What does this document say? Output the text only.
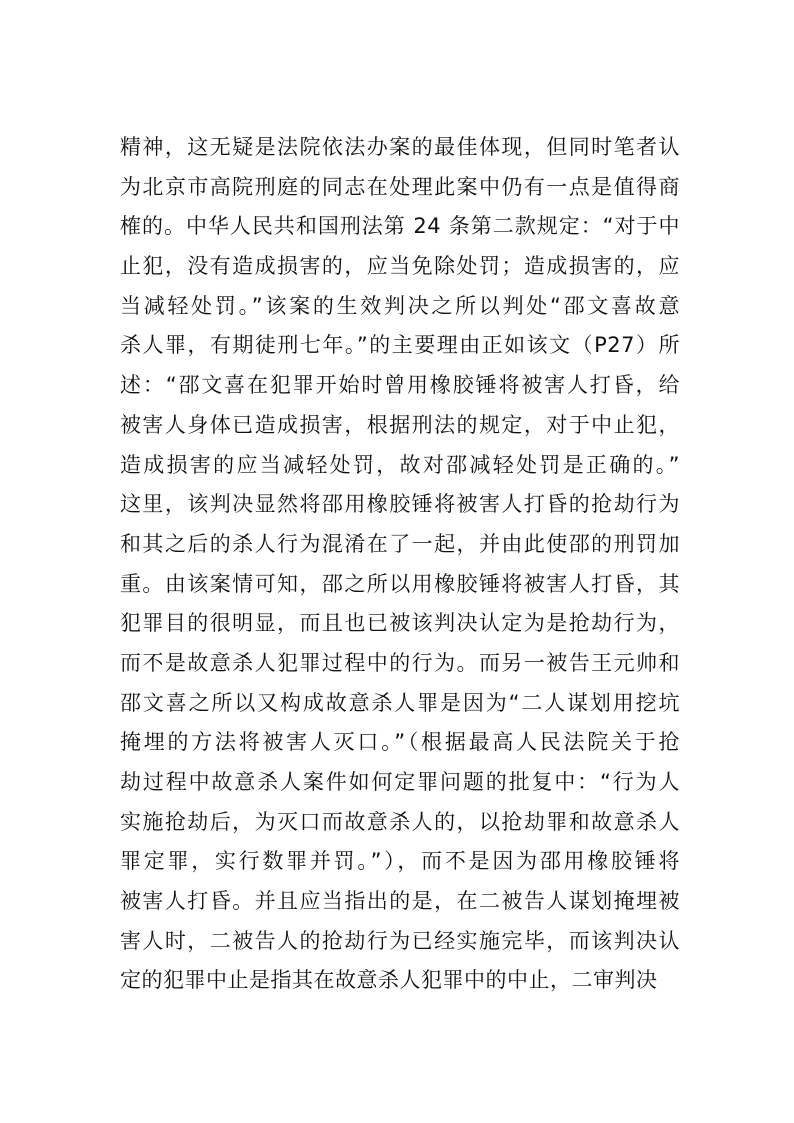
精神，这无疑是法院依法办案的最佳体现，但同时笔者认
为北京市高院刑庭的同志在处理此案中仍有一点是值得商
榷的。中华人民共和国刑法第 24 条第二款规定：“对于中
止犯，没有造成损害的，应当免除处罚；造成损害的，应
当减轻处罚。”该案的生效判决之所以判处“邵文喜故意
杀人罪，有期徒刑七年。”的主要理由正如该文（P27）所
述：“邵文喜在犯罪开始时曾用橡胶锤将被害人打昏，给
被害人身体已造成损害，根据刑法的规定，对于中止犯，
造成损害的应当减轻处罚，故对邵减轻处罚是正确的。”
这里，该判决显然将邵用橡胶锤将被害人打昏的抢劫行为
和其之后的杀人行为混淆在了一起，并由此使邵的刑罚加
重。由该案情可知，邵之所以用橡胶锤将被害人打昏，其
犯罪目的很明显，而且也已被该判决认定为是抢劫行为，
而不是故意杀人犯罪过程中的行为。而另一被告王元帅和
邵文喜之所以又构成故意杀人罪是因为“二人谋划用挖坑
掩埋的方法将被害人灭口。”（根据最高人民法院关于抢
劫过程中故意杀人案件如何定罪问题的批复中：“行为人
实施抢劫后，为灭口而故意杀人的，以抢劫罪和故意杀人
罪定罪，实行数罪并罚。”），而不是因为邵用橡胶锤将
被害人打昏。并且应当指出的是，在二被告人谋划掩埋被
害人时，二被告人的抢劫行为已经实施完毕，而该判决认
定的犯罪中止是指其在故意杀人犯罪中的中止，二审判决
